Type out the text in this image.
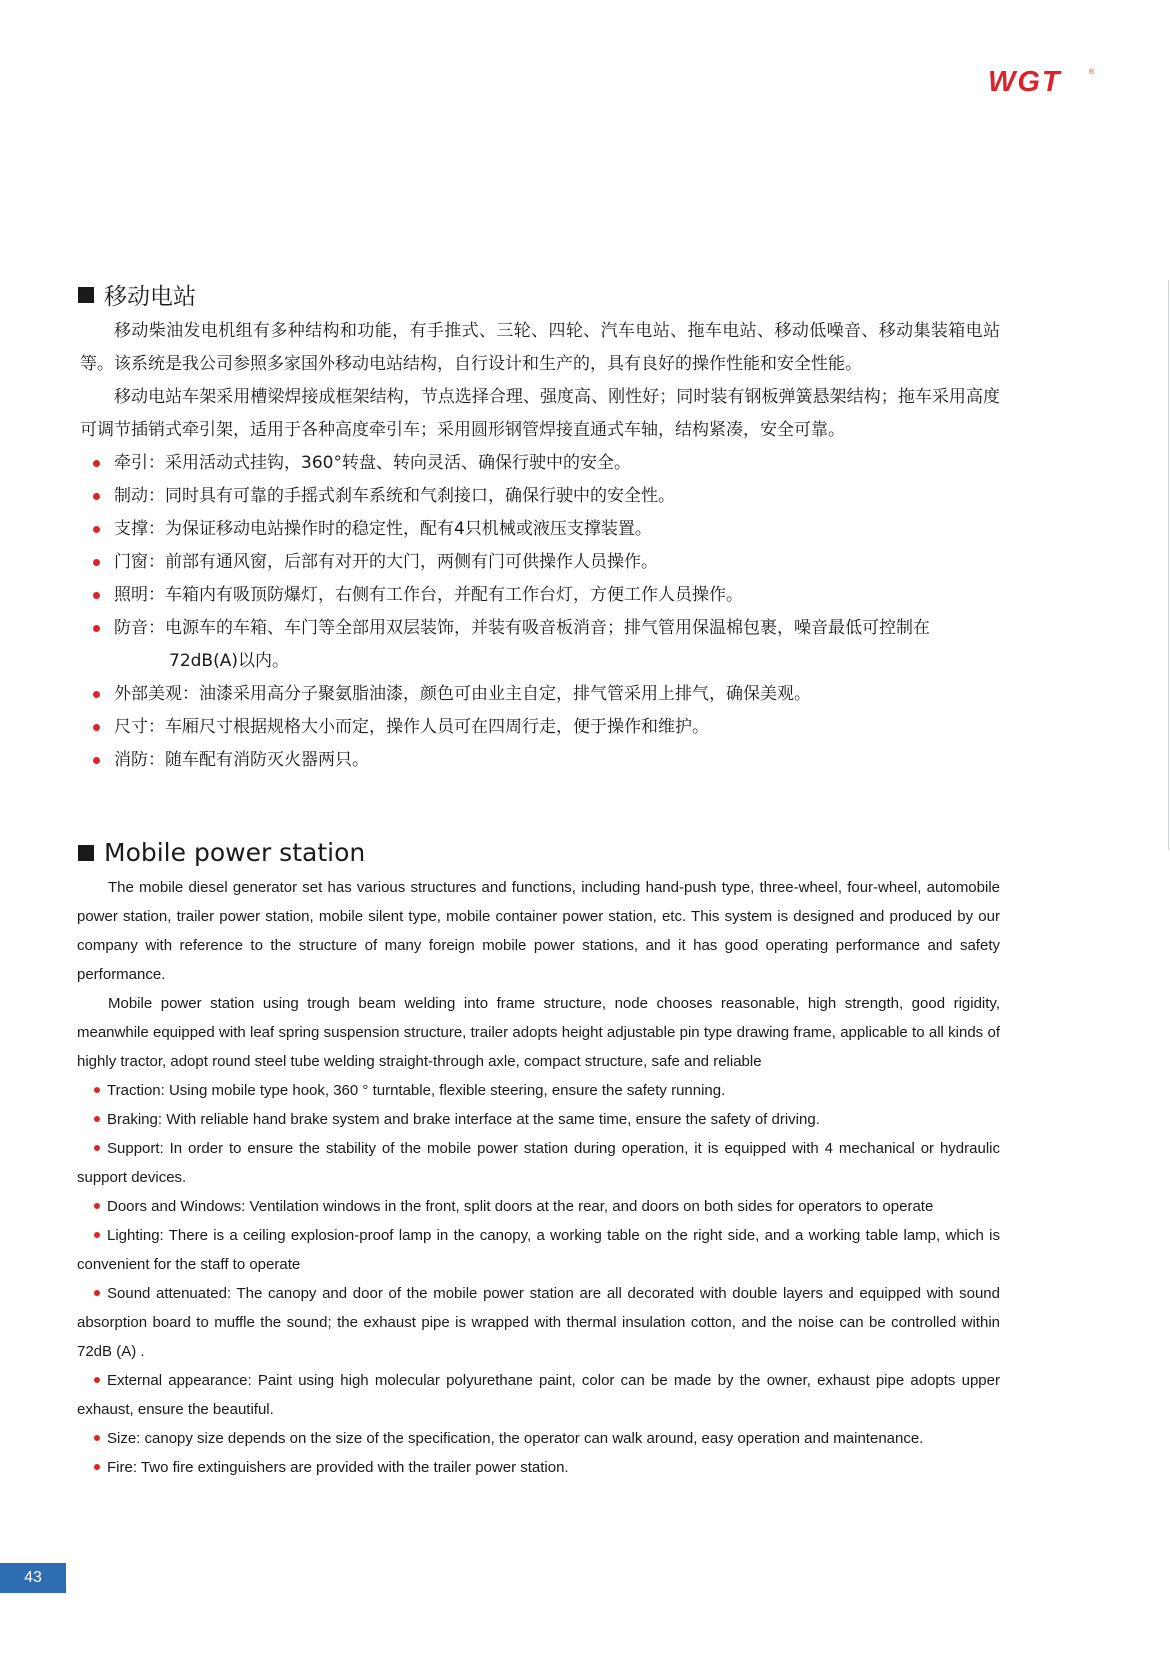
WGT	®
移动电站

移动柴油发电机组有多种结构和功能，有手推式、三轮、四轮、汽车电站、拖车电站、移动低噪音、移动集装箱电站等。该系统是我公司参照多家国外移动电站结构，自行设计和生产的，具有良好的操作性能和安全性能。

移动电站车架采用槽梁焊接成框架结构，节点选择合理、强度高、刚性好；同时装有钢板弹簧悬架结构；拖车采用高度可调节插销式牵引架，适用于各种高度牵引车；采用圆形钢管焊接直通式车轴，结构紧凑，安全可靠。

牵引：采用活动式挂钩，360°转盘、转向灵活、确保行驶中的安全。
制动：同时具有可靠的手摇式刹车系统和气刹接口，确保行驶中的安全性。
支撑：为保证移动电站操作时的稳定性，配有4只机械或液压支撑装置。
门窗：前部有通风窗，后部有对开的大门，两侧有门可供操作人员操作。
照明：车箱内有吸顶防爆灯，右侧有工作台，并配有工作台灯，方便工作人员操作。
防音：电源车的车箱、车门等全部用双层装饰，并装有吸音板消音；排气管用保温棉包裹，噪音最低可控制在
72dB(A)以内。
外部美观：油漆采用高分子聚氨脂油漆，颜色可由业主自定，排气管采用上排气，确保美观。
尺寸：车厢尺寸根据规格大小而定，操作人员可在四周行走，便于操作和维护。
消防：随车配有消防灭火器两只。
Mobile power station

The mobile diesel generator set has various structures and functions, including hand-push type, three-wheel, four-wheel, automobile power station, trailer power station, mobile silent type, mobile container power station, etc. This system is designed and produced by our company with reference to the structure of many foreign mobile power stations, and it has good operating performance and safety performance.

Mobile power station using trough beam welding into frame structure, node chooses reasonable, high strength, good rigidity, meanwhile equipped with leaf spring suspension structure, trailer adopts height adjustable pin type drawing frame, applicable to all kinds of highly tractor, adopt round steel tube welding straight-through axle, compact structure, safe and reliable

Traction: Using mobile type hook, 360 ° turntable, flexible steering, ensure the safety running.

Braking: With reliable hand brake system and brake interface at the same time, ensure the safety of driving.

Support: In order to ensure the stability of the mobile power station during operation, it is equipped with 4 mechanical or hydraulic support devices.

Doors and Windows: Ventilation windows in the front, split doors at the rear, and doors on both sides for operators to operate

Lighting: There is a ceiling explosion-proof lamp in the canopy, a working table on the right side, and a working table lamp, which is convenient for the staff to operate

Sound attenuated: The canopy and door of the mobile power station are all decorated with double layers and equipped with sound absorption board to muffle the sound; the exhaust pipe is wrapped with thermal insulation cotton, and the noise can be controlled within 72dB (A) .

External appearance: Paint using high molecular polyurethane paint, color can be made by the owner, exhaust pipe adopts upper exhaust, ensure the beautiful.

Size: canopy size depends on the size of the specification, the operator can walk around, easy operation and maintenance.

Fire: Two fire extinguishers are provided with the trailer power station.

43
